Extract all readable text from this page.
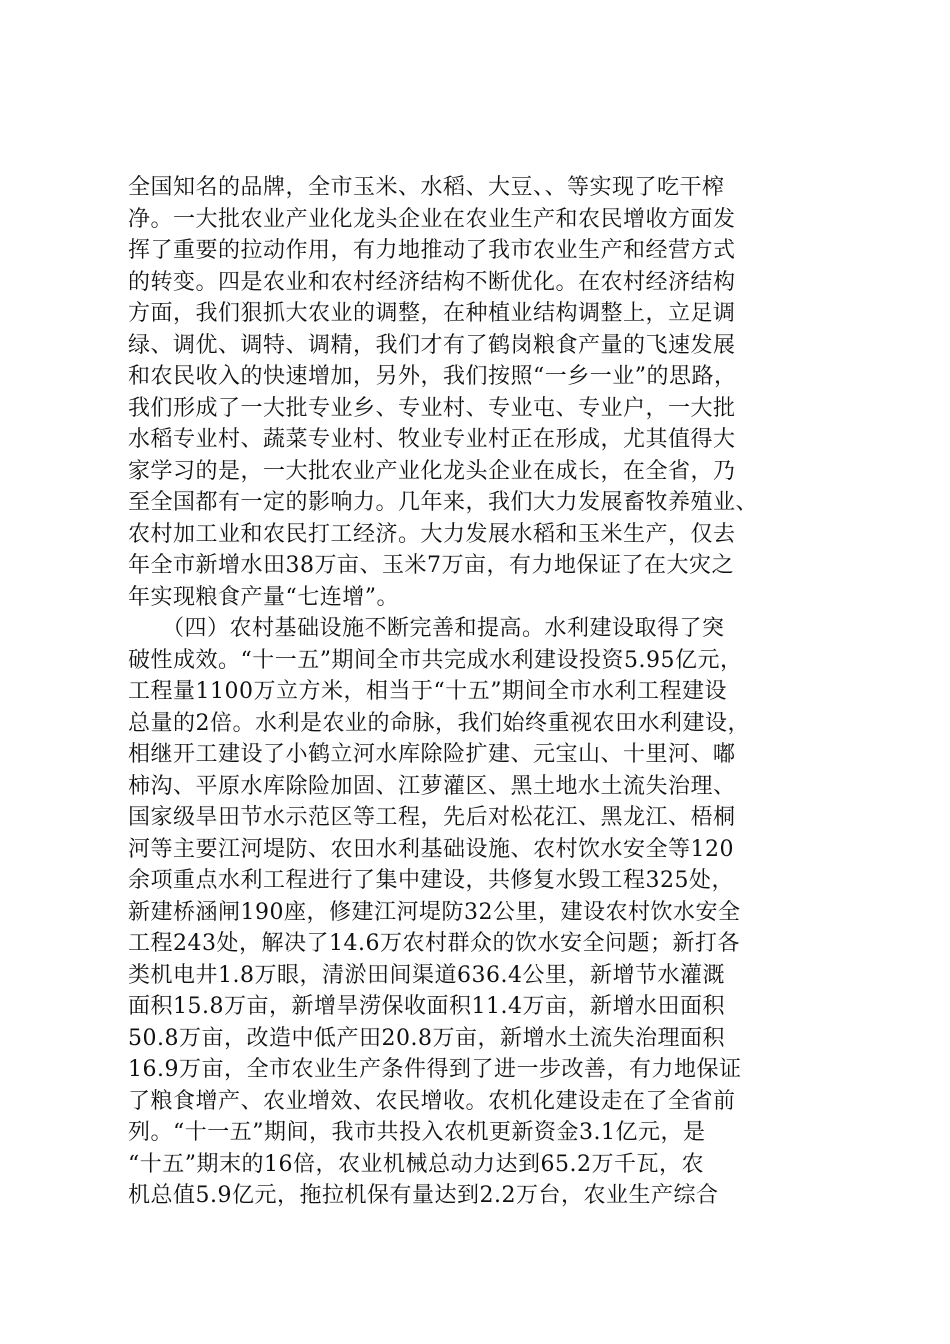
全国知名的品牌，全市玉米、水稻、大豆、、等实现了吃干榨
净。一大批农业产业化龙头企业在农业生产和农民增收方面发
挥了重要的拉动作用，有力地推动了我市农业生产和经营方式
的转变。四是农业和农村经济结构不断优化。在农村经济结构
方面，我们狠抓大农业的调整，在种植业结构调整上，立足调
绿、调优、调特、调精，我们才有了鹤岗粮食产量的飞速发展
和农民收入的快速增加，另外，我们按照“一乡一业”的思路，
我们形成了一大批专业乡、专业村、专业屯、专业户，一大批
水稻专业村、蔬菜专业村、牧业专业村正在形成，尤其值得大
家学习的是，一大批农业产业化龙头企业在成长，在全省，乃
至全国都有一定的影响力。几年来，我们大力发展畜牧养殖业、
农村加工业和农民打工经济。大力发展水稻和玉米生产，仅去
年全市新增水田38万亩、玉米7万亩，有力地保证了在大灾之
年实现粮食产量“七连增”。
　　（四）农村基础设施不断完善和提高。水利建设取得了突
破性成效。“十一五”期间全市共完成水利建设投资5.95亿元，
工程量1100万立方米，相当于“十五”期间全市水利工程建设
总量的2倍。水利是农业的命脉，我们始终重视农田水利建设，
相继开工建设了小鹤立河水库除险扩建、元宝山、十里河、嘟
柿沟、平原水库除险加固、江萝灌区、黑土地水土流失治理、
国家级旱田节水示范区等工程，先后对松花江、黑龙江、梧桐
河等主要江河堤防、农田水利基础设施、农村饮水安全等120
余项重点水利工程进行了集中建设，共修复水毁工程325处，
新建桥涵闸190座，修建江河堤防32公里，建设农村饮水安全
工程243处，解决了14.6万农村群众的饮水安全问题；新打各
类机电井1.8万眼，清淤田间渠道636.4公里，新增节水灌溉
面积15.8万亩，新增旱涝保收面积11.4万亩，新增水田面积
50.8万亩，改造中低产田20.8万亩，新增水土流失治理面积
16.9万亩，全市农业生产条件得到了进一步改善，有力地保证
了粮食增产、农业增效、农民增收。农机化建设走在了全省前
列。“十一五”期间，我市共投入农机更新资金3.1亿元，是
“十五”期末的16倍，农业机械总动力达到65.2万千瓦，农
机总值5.9亿元，拖拉机保有量达到2.2万台，农业生产综合
